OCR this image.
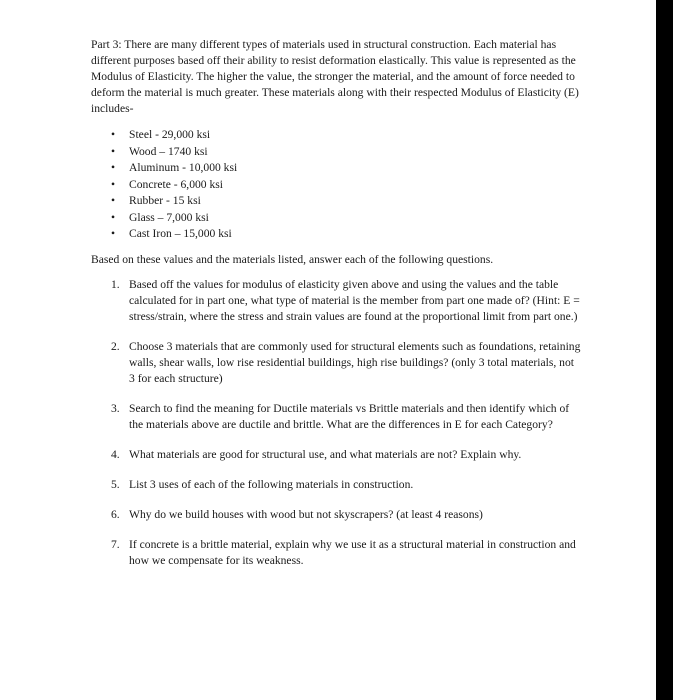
Part 3: There are many different types of materials used in structural construction. Each material has different purposes based off their ability to resist deformation elastically. This value is represented as the Modulus of Elasticity. The higher the value, the stronger the material, and the amount of force needed to deform the material is much greater. These materials along with their respected Modulus of Elasticity (E) includes-

• Steel - 29,000 ksi
• Wood – 1740 ksi
• Aluminum - 10,000 ksi
• Concrete - 6,000 ksi
• Rubber - 15 ksi
• Glass – 7,000 ksi
• Cast Iron – 15,000 ksi

Based on these values and the materials listed, answer each of the following questions.

1. Based off the values for modulus of elasticity given above and using the values and the table calculated for in part one, what type of material is the member from part one made of? (Hint: E = stress/strain, where the stress and strain values are found at the proportional limit from part one.)
2. Choose 3 materials that are commonly used for structural elements such as foundations, retaining walls, shear walls, low rise residential buildings, high rise buildings? (only 3 total materials, not 3 for each structure)
3. Search to find the meaning for Ductile materials vs Brittle materials and then identify which of the materials above are ductile and brittle. What are the differences in E for each Category?
4. What materials are good for structural use, and what materials are not? Explain why.
5. List 3 uses of each of the following materials in construction.
6. Why do we build houses with wood but not skyscrapers? (at least 4 reasons)
7. If concrete is a brittle material, explain why we use it as a structural material in construction and how we compensate for its weakness.
